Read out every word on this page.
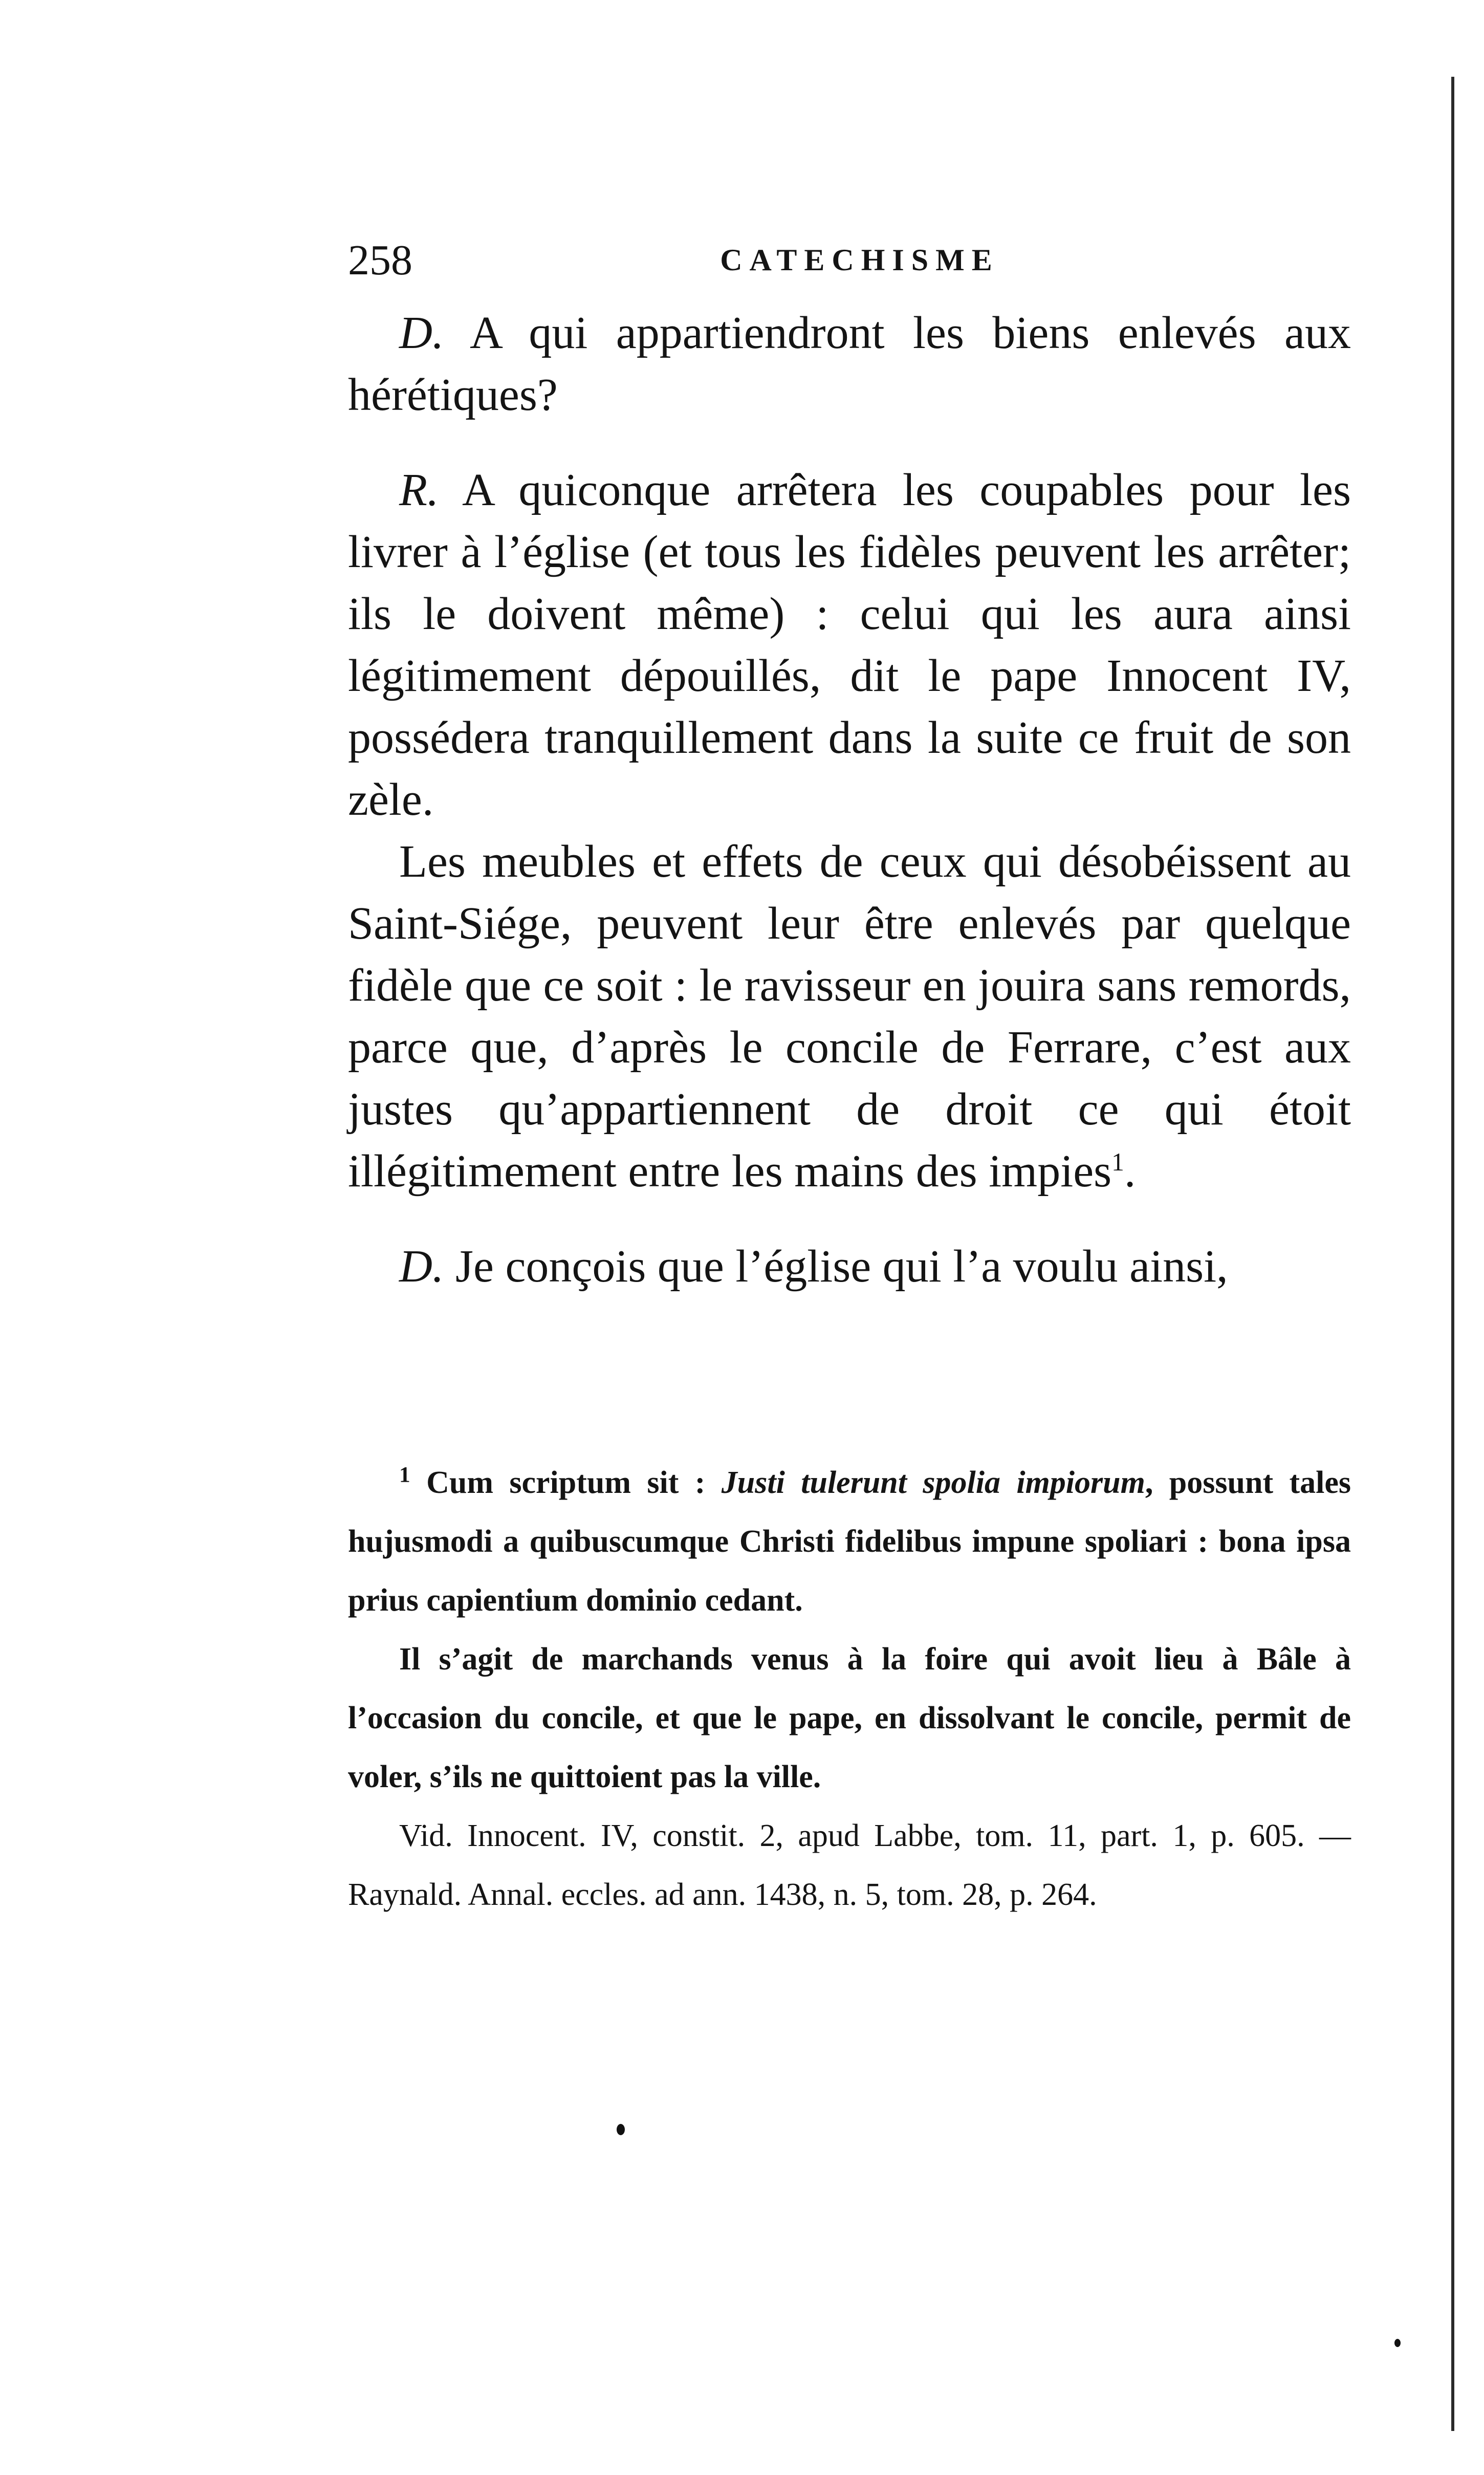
258	CATECHISME

D. A qui appartiendront les biens enlevés aux hérétiques?

R. A quiconque arrêtera les coupables pour les livrer à l’église (et tous les fidèles peuvent les arrêter; ils le doivent même) : celui qui les aura ainsi légitimement dépouillés, dit le pape Innocent IV, possédera tranquillement dans la suite ce fruit de son zèle.

Les meubles et effets de ceux qui désobéissent au Saint-Siége, peuvent leur être enlevés par quelque fidèle que ce soit : le ravisseur en jouira sans remords, parce que, d’après le concile de Ferrare, c’est aux justes qu’appartiennent de droit ce qui étoit illégitimement entre les mains des impies$^1$.

D. Je conçois que l’église qui l’a voulu ainsi,

$^1$ Cum scriptum sit : Justi tulerunt spolia impiorum, possunt tales hujusmodi a quibuscumque Christi fidelibus impune spoliari : bona ipsa prius capientium dominio cedant.

Il s’agit de marchands venus à la foire qui avoit lieu à Bâle à l’occasion du concile, et que le pape, en dissolvant le concile, permit de voler, s’ils ne quittoient pas la ville.

Vid. Innocent. IV, constit. 2, apud Labbe, tom. 11, part. 1, p. 605. — Raynald. Annal. eccles. ad ann. 1438, n. 5, tom. 28, p. 264.
